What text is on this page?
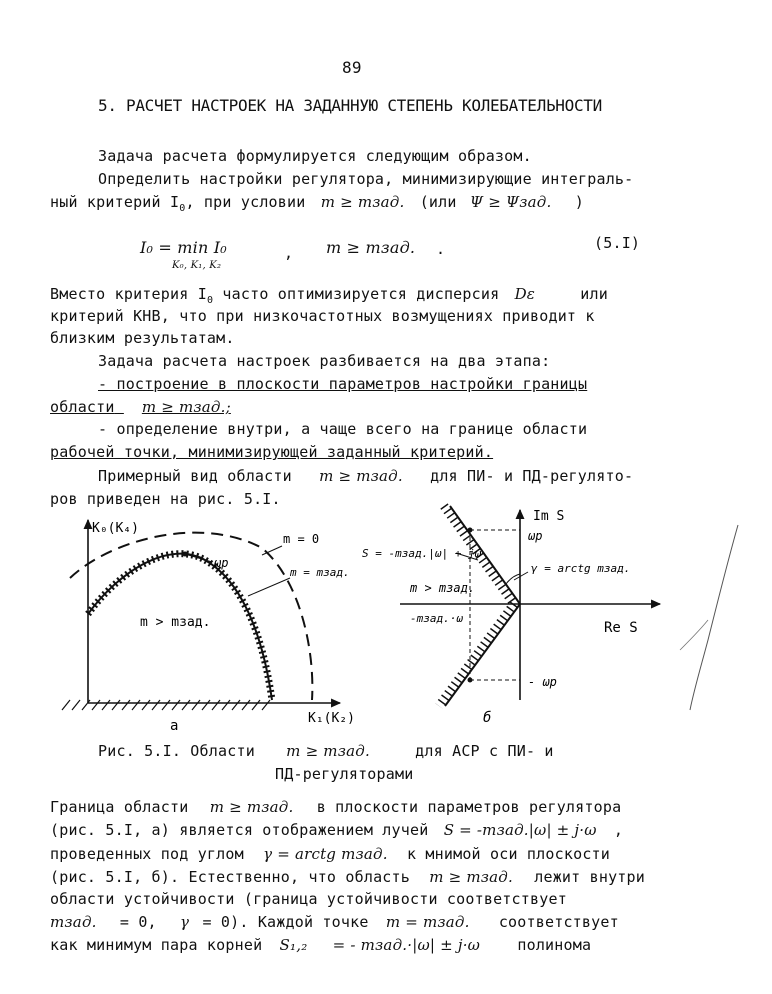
89
5. РАСЧЕТ НАСТРОЕК НА ЗАДАННУЮ СТЕПЕНЬ КОЛЕБАТЕЛЬНОСТИ
Задача расчета формулируется следующим образом.
Определить настройки регулятора, минимизирующие интеграль-
ный критерий $I_0$, при условии m ≥ mзад. (или Ψ ≥ Ψзад. )
I₀ = min I₀
K₀, K₁, K₂
, m ≥ mзад. .	(5.I)
Вместо критерия $I_0$ часто оптимизируется дисперсия Dε	или
критерий КНВ, что при низкочастотных возмущениях приводит к
близким результатам.
Задача расчета настроек разбивается на два этапа:
- построение в плоскости параметров настройки границы
области m ≥ mзад.;
- определение внутри, а чаще всего на границе области
рабочей точки, минимизирующей заданный критерий.
Примерный вид области m ≥ mзад. для ПИ- и ПД-регулято-
ров приведен на рис. 5.I.
K₀(K₄)
K₁(K₂)
m = 0
m = mзад.
m > mзад.
ωp
а
Im S
Re S
S = -mзад.|ω| + jω
m > mзад.
γ = arctg mзад.
-mзад.·ω
ωp
- ωp
б
Рис. 5.I. Области m ≥ mзад.	для АСР с ПИ- и
ПД-регуляторами
Граница области m ≥ mзад. в плоскости параметров регулятора
(рис. 5.I, а) является отображением лучей S = -mзад.|ω| ± j·ω ,
проведенных под углом γ = arctg mзад. к мнимой оси плоскости
(рис. 5.I, б). Естественно, что область m ≥ mзад. лежит внутри
области устойчивости (граница устойчивости соответствует
mзад. = 0, γ = 0). Каждой точке m = mзад. соответствует
как минимум пара корней S₁,₂ = - mзад.·|ω| ± j·ω полинома
